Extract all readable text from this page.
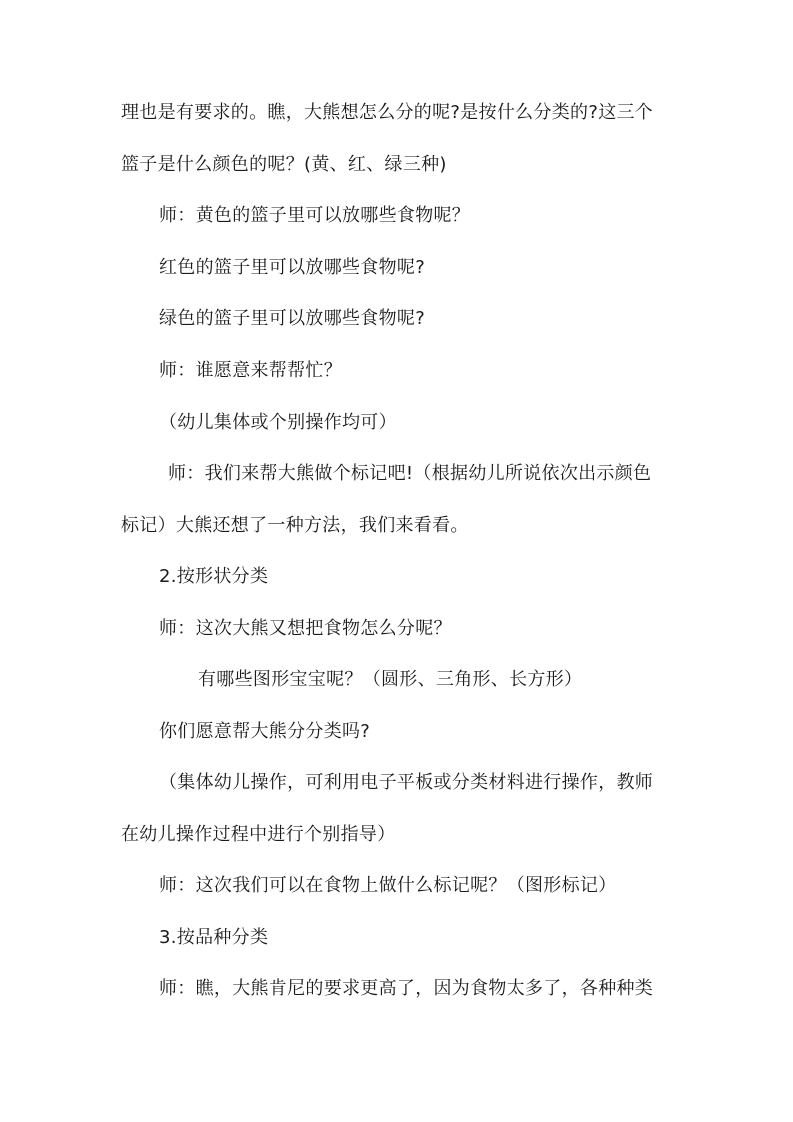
理也是有要求的。瞧，大熊想怎么分的呢?是按什么分类的?这三个
篮子是什么颜色的呢？(黄、红、绿三种)
师：黄色的篮子里可以放哪些食物呢？
红色的篮子里可以放哪些食物呢?
绿色的篮子里可以放哪些食物呢?
师：谁愿意来帮帮忙？
（幼儿集体或个别操作均可）
师：我们来帮大熊做个标记吧!（根据幼儿所说依次出示颜色
标记）大熊还想了一种方法，我们来看看。
2.按形状分类
师：这次大熊又想把食物怎么分呢？
有哪些图形宝宝呢？（圆形、三角形、长方形）
你们愿意帮大熊分分类吗?
（集体幼儿操作，可利用电子平板或分类材料进行操作，教师
在幼儿操作过程中进行个别指导）
师：这次我们可以在食物上做什么标记呢？（图形标记）
3.按品种分类
师：瞧，大熊肯尼的要求更高了，因为食物太多了，各种种类
